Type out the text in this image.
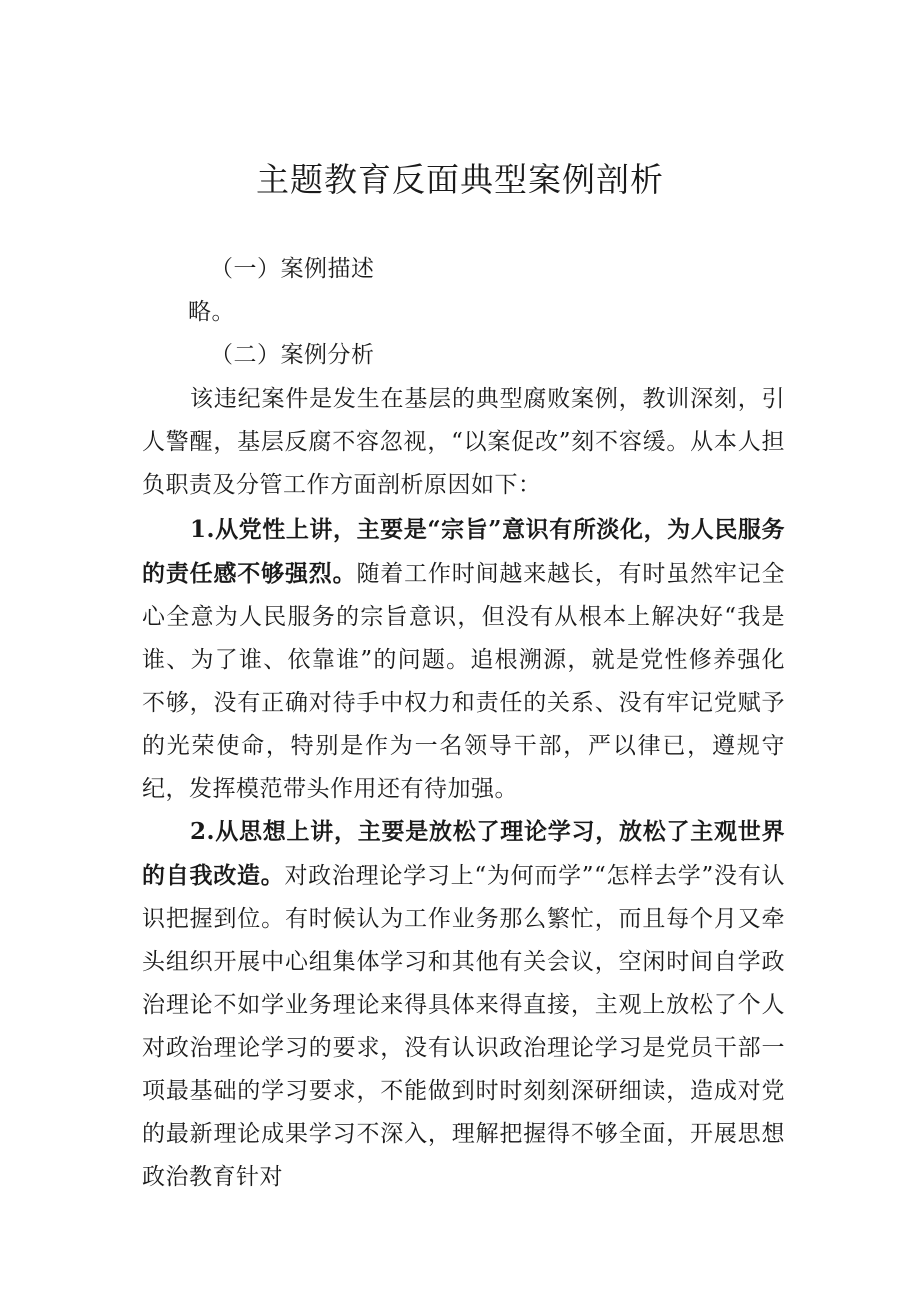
主题教育反面典型案例剖析
（一）案例描述
略。
（二）案例分析
该违纪案件是发生在基层的典型腐败案例，教训深刻，引人警醒，基层反腐不容忽视，“以案促改”刻不容缓。从本人担负职责及分管工作方面剖析原因如下：
1.从党性上讲，主要是“宗旨”意识有所淡化，为人民服务的责任感不够强烈。随着工作时间越来越长，有时虽然牢记全心全意为人民服务的宗旨意识，但没有从根本上解决好“我是谁、为了谁、依靠谁”的问题。追根溯源，就是党性修养强化不够，没有正确对待手中权力和责任的关系、没有牢记党赋予的光荣使命，特别是作为一名领导干部，严以律已，遵规守纪，发挥模范带头作用还有待加强。
2.从思想上讲，主要是放松了理论学习，放松了主观世界的自我改造。对政治理论学习上“为何而学”“怎样去学”没有认识把握到位。有时候认为工作业务那么繁忙，而且每个月又牵头组织开展中心组集体学习和其他有关会议，空闲时间自学政治理论不如学业务理论来得具体来得直接，主观上放松了个人对政治理论学习的要求，没有认识政治理论学习是党员干部一项最基础的学习要求，不能做到时时刻刻深研细读，造成对党的最新理论成果学习不深入，理解把握得不够全面，开展思想政治教育针对
